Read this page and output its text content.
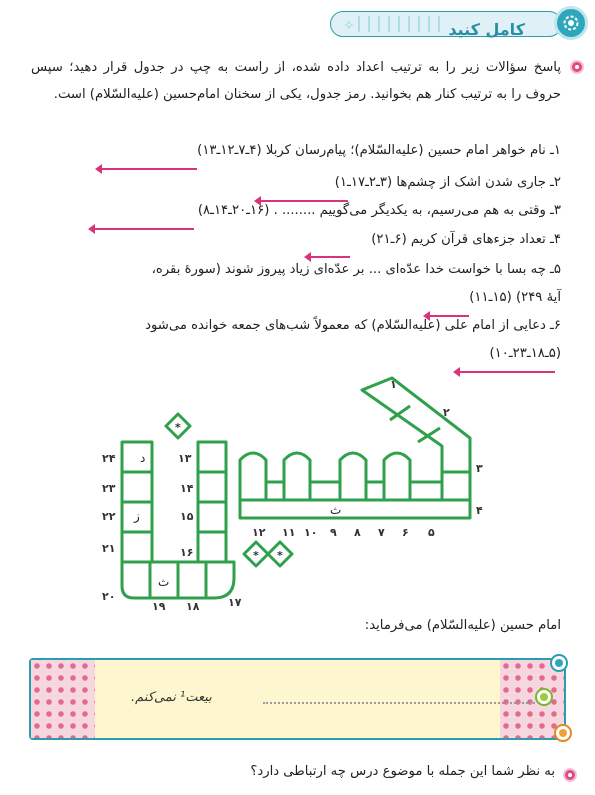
✧	کامل کنید
پاسخ سؤالات زیر را به ترتیب اعداد داده شده، از راست به چپ در جدول قرار دهید؛ سپس حروف را به ترتیب کنار هم بخوانید. رمز جدول، یکی از سخنان امام‌حسین (علیه‌السّلام) است.
۱ـ نام خواهر امام حسین (علیه‌السّلام)؛ پیام‌رسان کربلا (۴ـ۷ـ۱۲ـ۱۳)
۲ـ جاری شدن اشک از چشم‌ها (۳ـ۲ـ۱۷ـ۱)
۳ـ وقتی به هم می‌رسیم، به یکدیگر می‌گوییم ........ . (۱۶ـ۲۰ـ۱۴ـ۸)
۴ـ تعداد جزءهای قرآن کریم (۶ـ۲۱)
۵ـ چه بسا با خواست خدا عدّه‌ای ... بر عدّه‌ای زیاد پیروز شوند (سورهٔ بقره،
آیهٔ ۲۴۹) (۱۵ـ۱۱)
۶ـ دعایی از امام علی (علیه‌السّلام) که معمولاً شب‌های جمعه خوانده می‌شود
(۵ـ۱۸ـ۲۳ـ۱۰)
*
* *
۱
۲
۳
۴
۵
۶
۷
۸
۹
۱۰
۱۱
۱۲
۱۳
۱۴
۱۵
۱۶
۱۷
۱۸
۱۹
۲۴
۲۳
۲۲
۲۱
۲۰
د
ز	ث
ث
امام حسین (علیه‌السّلام) می‌فرماید:
بیعت¹ نمی‌کنم.
به نظر شما این جمله با موضوع درس چه ارتباطی دارد؟
